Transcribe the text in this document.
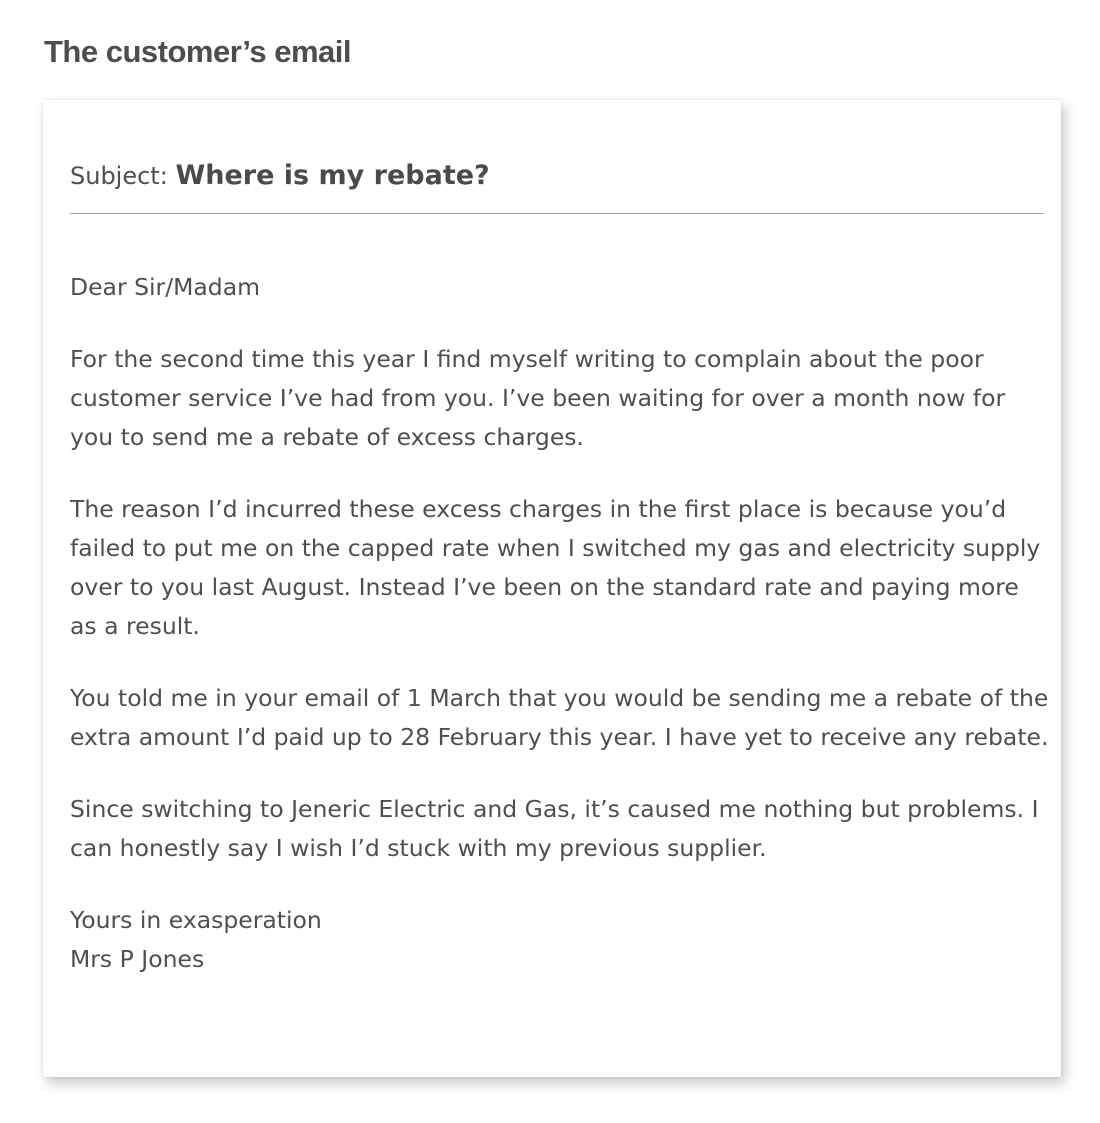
The customer’s email
Subject: Where is my rebate?

Dear Sir/Madam

For the second time this year I find myself writing to complain about the poor customer service I’ve had from you. I’ve been waiting for over a month now for you to send me a rebate of excess charges.

The reason I’d incurred these excess charges in the first place is because you’d failed to put me on the capped rate when I switched my gas and electricity supply over to you last August. Instead I’ve been on the standard rate and paying more as a result.

You told me in your email of 1 March that you would be sending me a rebate of the extra amount I’d paid up to 28 February this year. I have yet to receive any rebate.

Since switching to Jeneric Electric and Gas, it’s caused me nothing but problems. I can honestly say I wish I’d stuck with my previous supplier.

Yours in exasperation
Mrs P Jones
